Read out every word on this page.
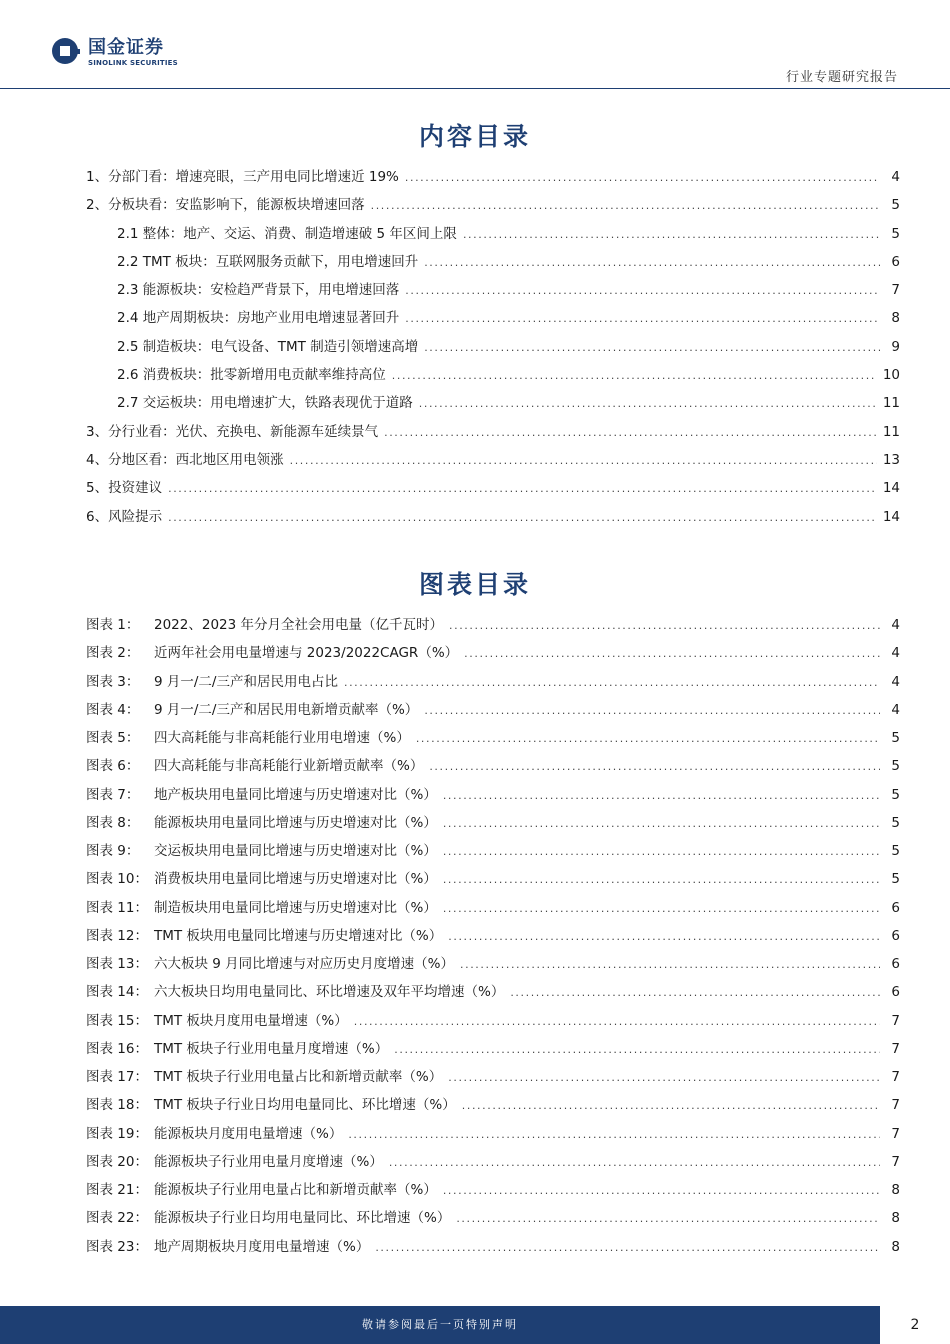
国金证券
SINOLINK SECURITIES
行业专题研究报告
内容目录
1、分部门看：增速亮眼，三产用电同比增速近 19% .....	4
2、分板块看：安监影响下，能源板块增速回落 .....	5
2.1 整体：地产、交运、消费、制造增速破 5 年区间上限 .....	5
2.2 TMT 板块：互联网服务贡献下，用电增速回升 .....	6
2.3 能源板块：安检趋严背景下，用电增速回落 .....	7
2.4 地产周期板块：房地产业用电增速显著回升 .....	8
2.5 制造板块：电气设备、TMT 制造引领增速高增 .....	9
2.6 消费板块：批零新增用电贡献率维持高位 .....	10
2.7 交运板块：用电增速扩大，铁路表现优于道路 .....	11
3、分行业看：光伏、充换电、新能源车延续景气 .....	11
4、分地区看：西北地区用电领涨 .....	13
5、投资建议 .....	14
6、风险提示 .....	14
图表目录
图表 1： 2022、2023 年分月全社会用电量（亿千瓦时） .....	4
图表 2： 近两年社会用电量增速与 2023/2022CAGR（%） .....	4
图表 3： 9 月一/二/三产和居民用电占比 .....	4
图表 4： 9 月一/二/三产和居民用电新增贡献率（%） .....	4
图表 5： 四大高耗能与非高耗能行业用电增速（%） .....	5
图表 6： 四大高耗能与非高耗能行业新增贡献率（%） .....	5
图表 7： 地产板块用电量同比增速与历史增速对比（%） .....	5
图表 8： 能源板块用电量同比增速与历史增速对比（%） .....	5
图表 9： 交运板块用电量同比增速与历史增速对比（%） .....	5
图表 10： 消费板块用电量同比增速与历史增速对比（%） .....	5
图表 11： 制造板块用电量同比增速与历史增速对比（%） .....	6
图表 12： TMT 板块用电量同比增速与历史增速对比（%） .....	6
图表 13： 六大板块 9 月同比增速与对应历史月度增速（%） .....	6
图表 14： 六大板块日均用电量同比、环比增速及双年平均增速（%） .....	6
图表 15： TMT 板块月度用电量增速（%） .....	7
图表 16： TMT 板块子行业用电量月度增速（%） .....	7
图表 17： TMT 板块子行业用电量占比和新增贡献率（%） .....	7
图表 18： TMT 板块子行业日均用电量同比、环比增速（%） .....	7
图表 19： 能源板块月度用电量增速（%） .....	7
图表 20： 能源板块子行业用电量月度增速（%） .....	7
图表 21： 能源板块子行业用电量占比和新增贡献率（%） .....	8
图表 22： 能源板块子行业日均用电量同比、环比增速（%） .....	8
图表 23： 地产周期板块月度用电量增速（%） .....	8
敬请参阅最后一页特别声明	2
